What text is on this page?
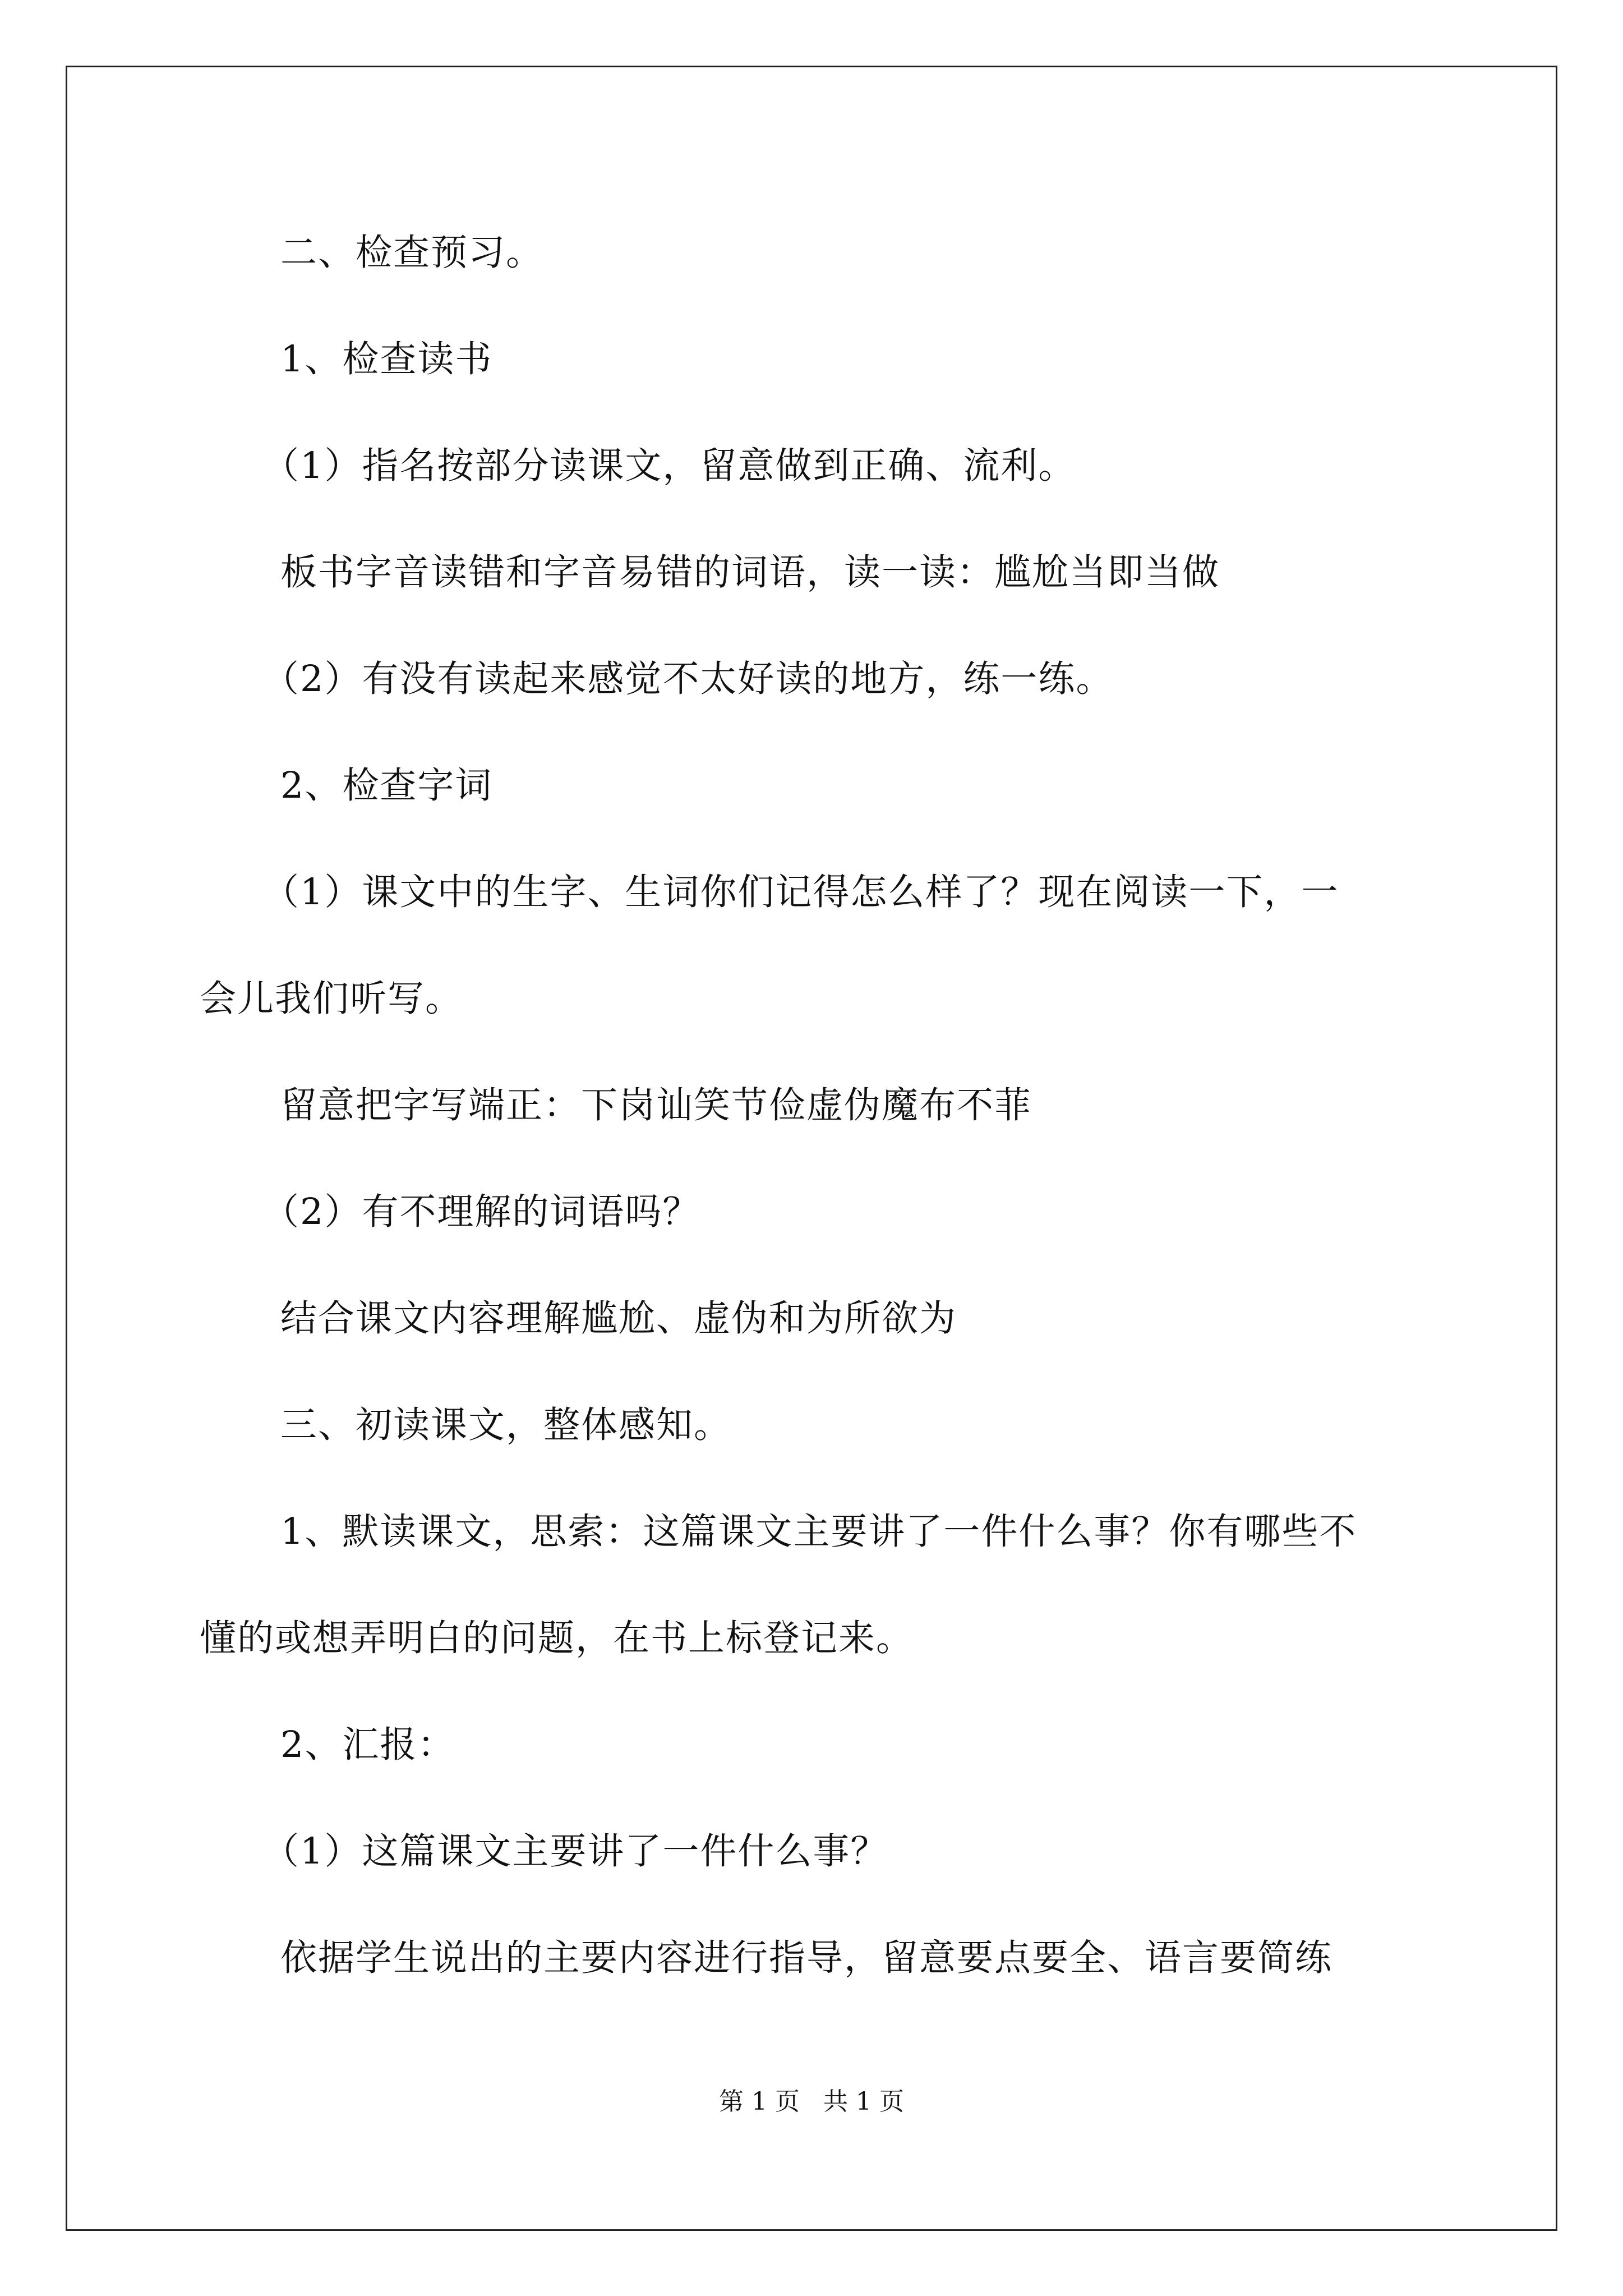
二、检查预习。

1、检查读书

（1）指名按部分读课文，留意做到正确、流利。

板书字音读错和字音易错的词语，读一读：尴尬当即当做

（2）有没有读起来感觉不太好读的地方，练一练。

2、检查字词

（1）课文中的生字、生词你们记得怎么样了？现在阅读一下，一

会儿我们听写。

留意把字写端正：下岗讪笑节俭虚伪魔布不菲

（2）有不理解的词语吗？

结合课文内容理解尴尬、虚伪和为所欲为

三、初读课文，整体感知。

1、默读课文，思索：这篇课文主要讲了一件什么事？你有哪些不

懂的或想弄明白的问题，在书上标登记来。

2、汇报：

（1）这篇课文主要讲了一件什么事？

依据学生说出的主要内容进行指导，留意要点要全、语言要简练

第 1 页   共 1 页
